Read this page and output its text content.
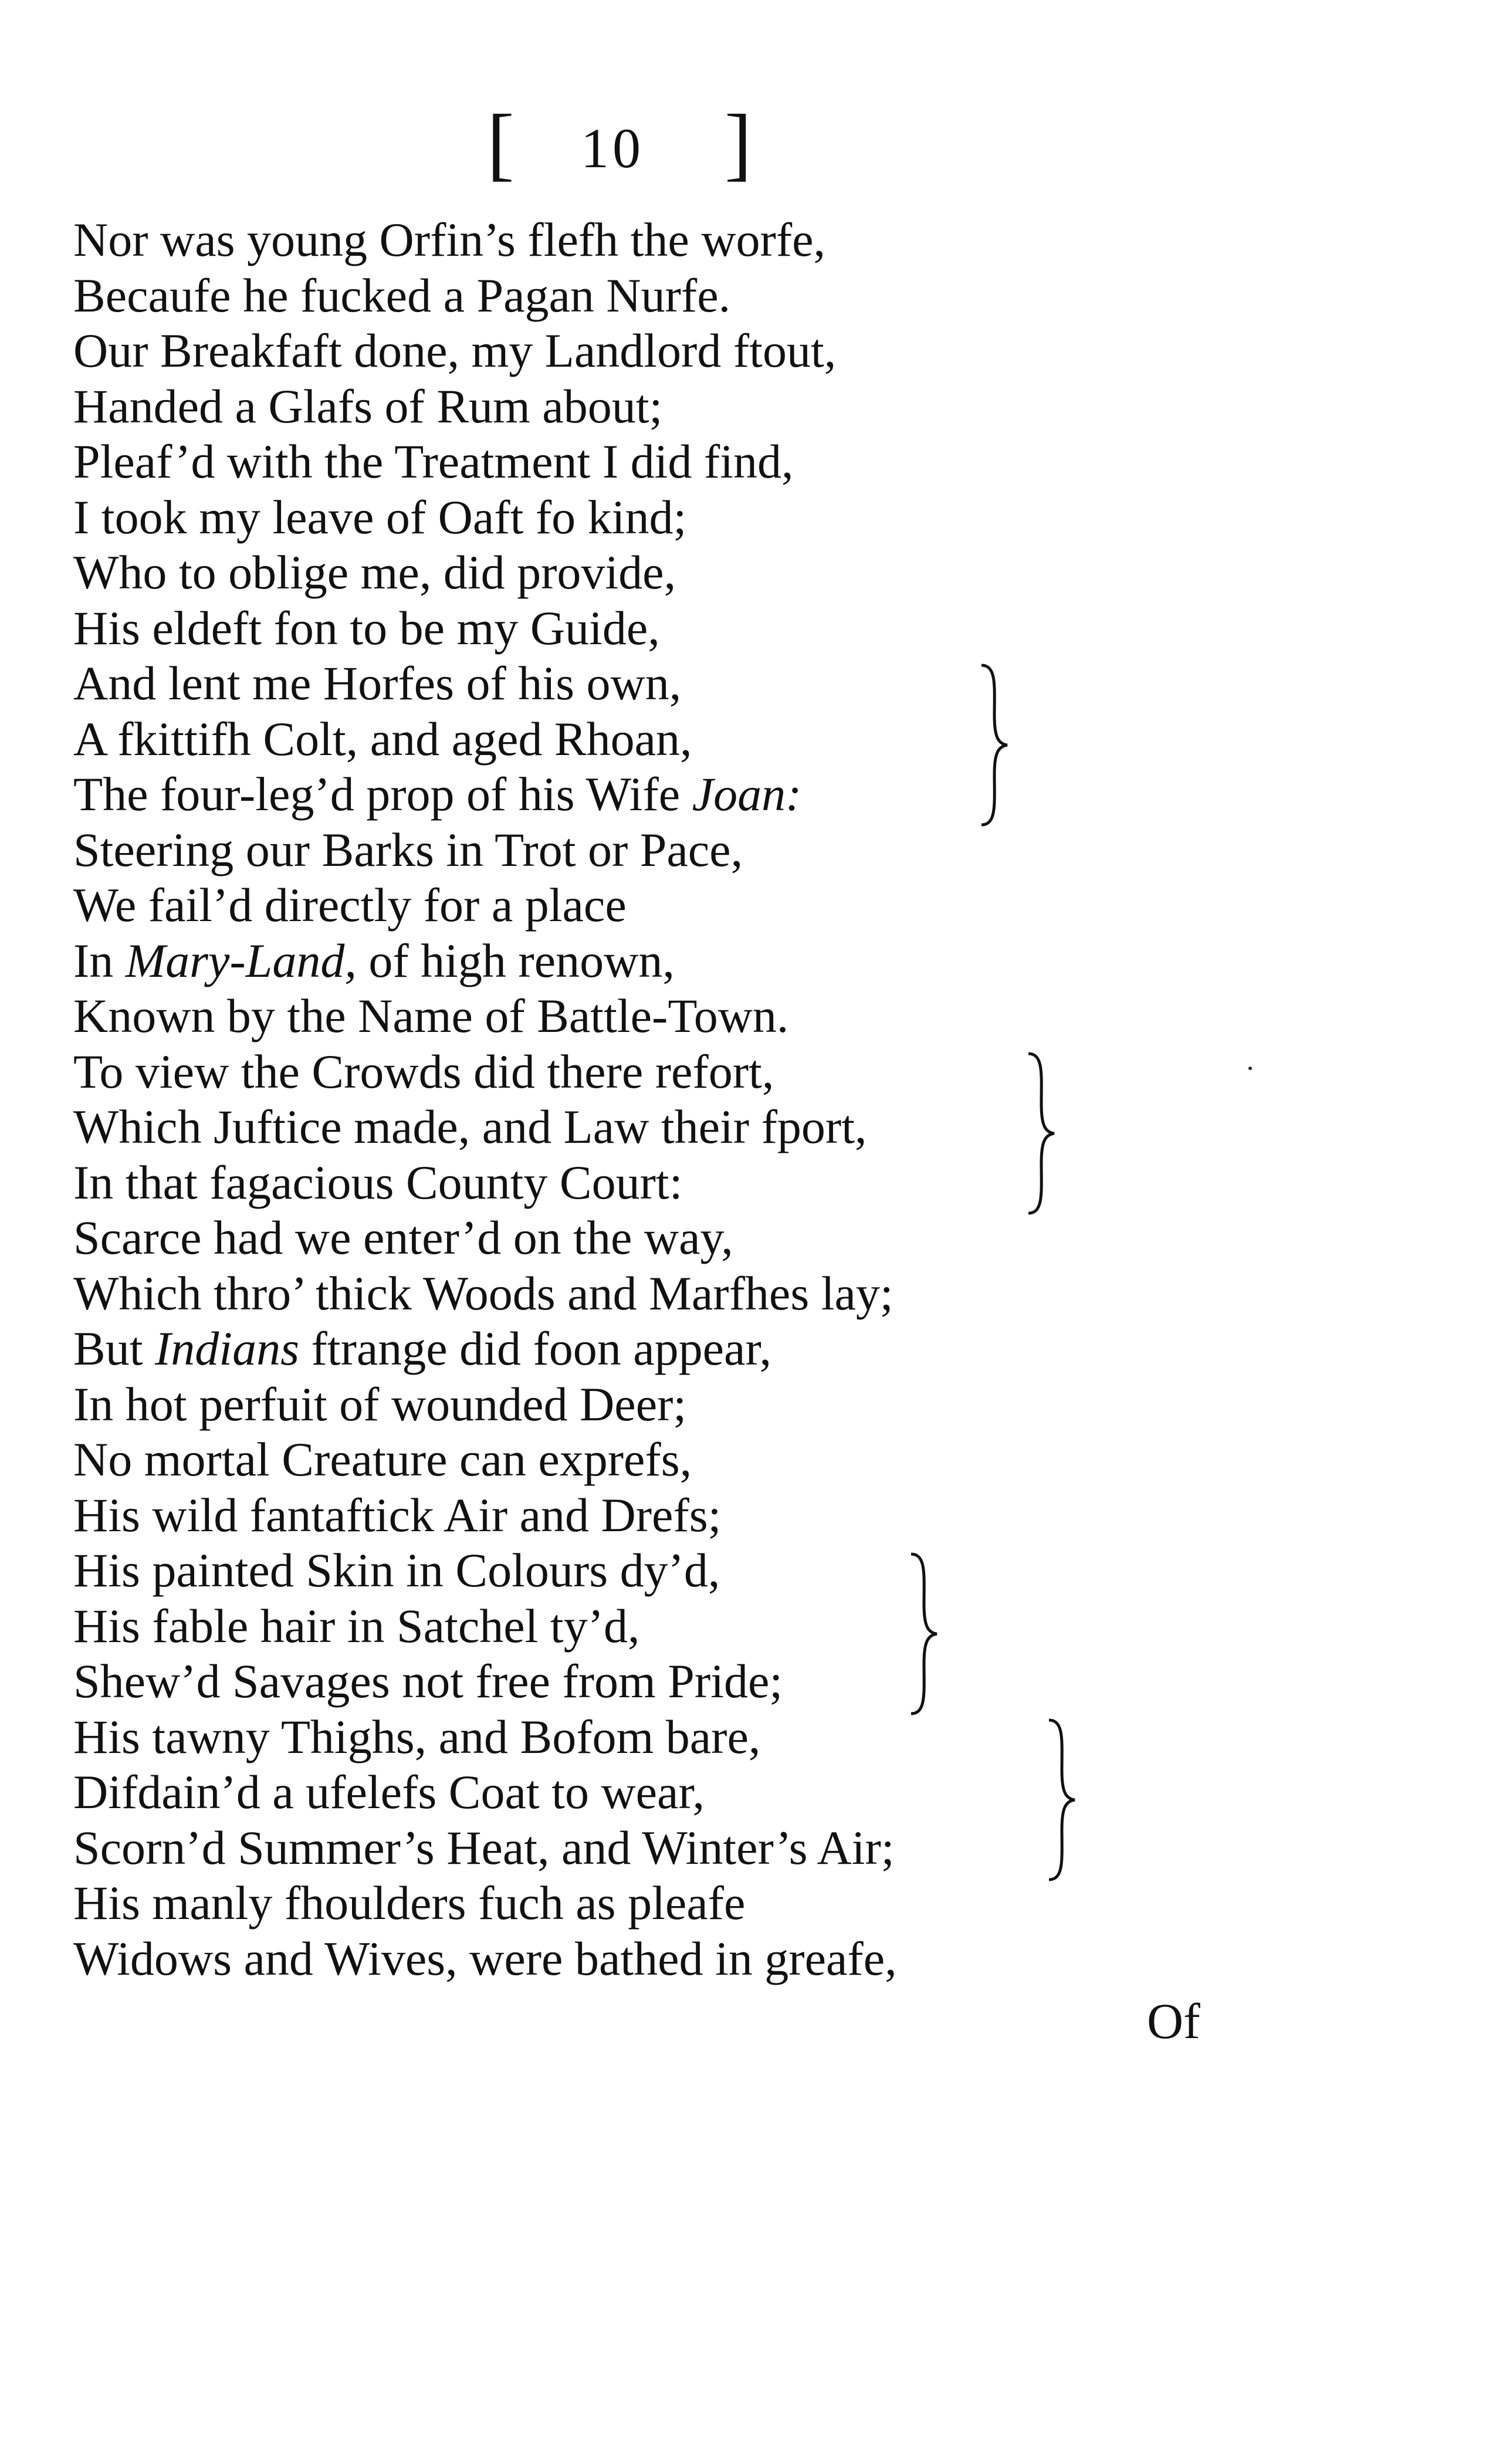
[ 10 ]
Nor was young Orfin’s flefh the worfe,
Becaufe he fucked a Pagan Nurfe.
Our Breakfaft done, my Landlord ftout,
Handed a Glafs of Rum about;
Pleaf’d with the Treatment I did find,
I took my leave of Oaft fo kind;
Who to oblige me, did provide,
His eldeft fon to be my Guide,
And lent me Horfes of his own,
A fkittifh Colt, and aged Rhoan,
The four-leg’d prop of his Wife Joan:
Steering our Barks in Trot or Pace,
We fail’d directly for a place
In Mary-Land, of high renown,
Known by the Name of Battle-Town.
To view the Crowds did there refort,
Which Juftice made, and Law their fport,
In that fagacious County Court:
Scarce had we enter’d on the way,
Which thro’ thick Woods and Marfhes lay;
But Indians ftrange did foon appear,
In hot perfuit of wounded Deer;
No mortal Creature can exprefs,
His wild fantaftick Air and Drefs;
His painted Skin in Colours dy’d,
His fable hair in Satchel ty’d,
Shew’d Savages not free from Pride;
His tawny Thighs, and Bofom bare,
Difdain’d a ufelefs Coat to wear,
Scorn’d Summer’s Heat, and Winter’s Air;
His manly fhoulders fuch as pleafe
Widows and Wives, were bathed in greafe,
Of
